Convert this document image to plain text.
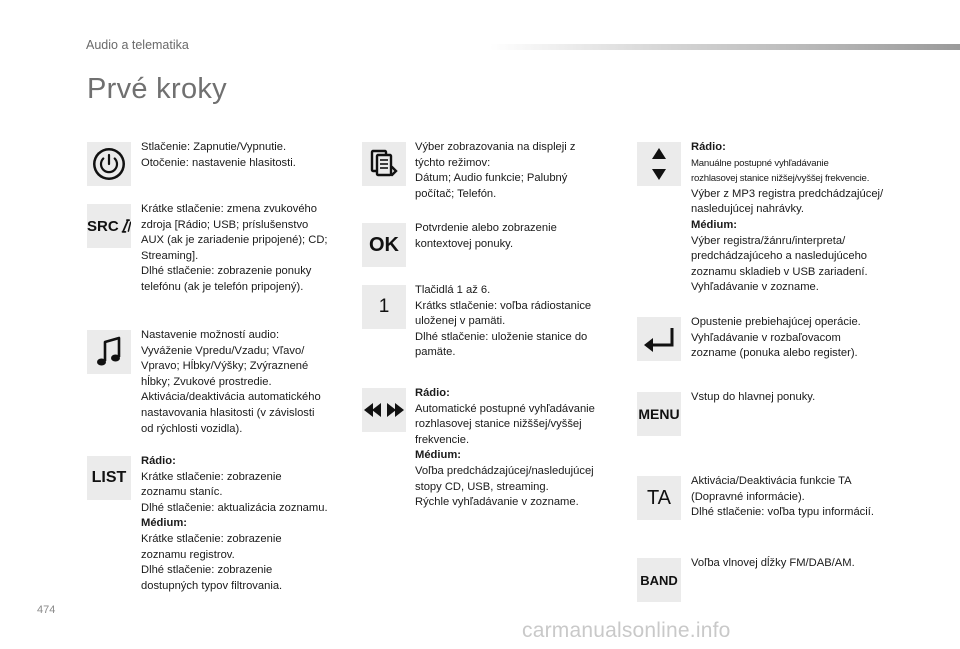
Audio a telematika
Prvé kroky
Stlačenie: Zapnutie/Vypnutie.
Otočenie: nastavenie hlasitosti.
SRC
Krátke stlačenie: zmena zvukového
zdroja [Rádio; USB; príslušenstvo
AUX (ak je zariadenie pripojené); CD;
Streaming].
Dlhé stlačenie: zobrazenie ponuky
telefónu (ak je telefón pripojený).
Nastavenie možností audio:
Vyváženie Vpredu/Vzadu; Vľavo/
Vpravo; Hĺbky/Výšky; Zvýraznené
hĺbky; Zvukové prostredie.
Aktivácia/deaktivácia automatického
nastavovania hlasitosti (v závislosti
od rýchlosti vozidla).
LIST
Rádio:
Krátke stlačenie: zobrazenie
zoznamu staníc.
Dlhé stlačenie: aktualizácia zoznamu.
Médium:
Krátke stlačenie: zobrazenie
zoznamu registrov.
Dlhé stlačenie: zobrazenie
dostupných typov filtrovania.
Výber zobrazovania na displeji z
týchto režimov:
Dátum; Audio funkcie; Palubný
počítač; Telefón.
OK
Potvrdenie alebo zobrazenie
kontextovej ponuky.
1
Tlačidlá 1 až 6.
Krátks stlačenie: voľba rádiostanice
uloženej v pamäti.
Dlhé stlačenie: uloženie stanice do
pamäte.
Rádio:
Automatické postupné vyhľadávanie
rozhlasovej stanice nižššej/vyššej
frekvencie.
Médium:
Voľba predchádzajúcej/nasledujúcej
stopy CD, USB, streaming.
Rýchle vyhľadávanie v zozname.
Rádio:
Manuálne postupné vyhľadávanie
rozhlasovej stanice nižšej/vyššej frekvencie.
Výber z MP3 registra predchádzajúcej/
nasledujúcej nahrávky.
Médium:
Výber registra/žánru/interpreta/
predchádzajúceho a nasledujúceho
zoznamu skladieb v USB zariadení.
Vyhľadávanie v zozname.
Opustenie prebiehajúcej operácie.
Vyhľadávanie v rozbaľovacom
zozname (ponuka alebo register).
MENU
Vstup do hlavnej ponuky.
TA
Aktivácia/Deaktivácia funkcie TA
(Dopravné informácie).
Dlhé stlačenie: voľba typu informácií.
BAND
Voľba vlnovej dĺžky FM/DAB/AM.
474
carmanualsonline.info
